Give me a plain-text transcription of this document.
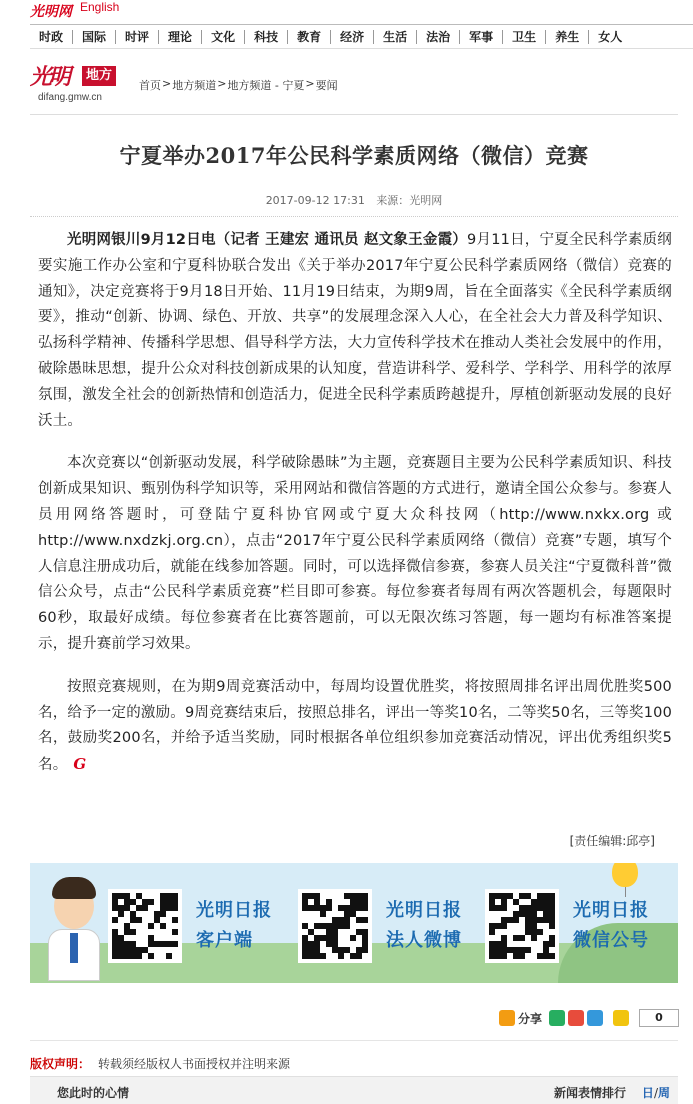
光明网 English
时政	国际	时评	理论	文化	科技	教育	经济	生活	法治	军事	卫生	养生	女人
光明	地方
difang.gmw.cn
首页 > 地方频道 > 地方频道 - 宁夏 > 要闻
宁夏举办2017年公民科学素质网络（微信）竞赛
2017-09-12 17:31 来源：光明网

光明网银川9月12日电（记者 王建宏 通讯员 赵文象王金霞）9月11日，宁夏全民科学素质纲要实施工作办公室和宁夏科协联合发出《关于举办2017年宁夏公民科学素质网络（微信）竞赛的通知》，决定竞赛将于9月18日开始、11月19日结束，为期9周，旨在全面落实《全民科学素质纲要》，推动“创新、协调、绿色、开放、共享”的发展理念深入人心，在全社会大力普及科学知识、弘扬科学精神、传播科学思想、倡导科学方法，大力宣传科学技术在推动人类社会发展中的作用，破除愚昧思想，提升公众对科技创新成果的认知度，营造讲科学、爱科学、学科学、用科学的浓厚氛围，激发全社会的创新热情和创造活力，促进全民科学素质跨越提升，厚植创新驱动发展的良好沃土。

本次竞赛以“创新驱动发展，科学破除愚昧”为主题，竞赛题目主要为公民科学素质知识、科技创新成果知识、甄别伪科学知识等，采用网站和微信答题的方式进行，邀请全国公众参与。参赛人员用网络答题时，可登陆宁夏科协官网或宁夏大众科技网（http://www.nxkx.org 或http://www.nxdzkj.org.cn），点击“2017年宁夏公民科学素质网络（微信）竞赛”专题，填写个人信息注册成功后，就能在线参加答题。同时，可以选择微信参赛，参赛人员关注“宁夏微科普”微信公众号，点击“公民科学素质竞赛”栏目即可参赛。每位参赛者每周有两次答题机会，每题限时60秒，取最好成绩。每位参赛者在比赛答题前，可以无限次练习答题，每一题均有标准答案提示，提升赛前学习效果。

按照竞赛规则，在为期9周竞赛活动中，每周均设置优胜奖，将按照周排名评出周优胜奖500名，给予一定的激励。9周竞赛结束后，按照总排名，评出一等奖10名，二等奖50名，三等奖100名，鼓励奖200名，并给予适当奖励，同时根据各单位组织参加竞赛活动情况，评出优秀组织奖5名。 G

[责任编辑:邱亭]
光明日报
客户端
光明日报
法人微博
光明日报
微信公号
分享	0
版权声明： 转载须经版权人书面授权并注明来源
您此时的心情	新闻表情排行 日/周
